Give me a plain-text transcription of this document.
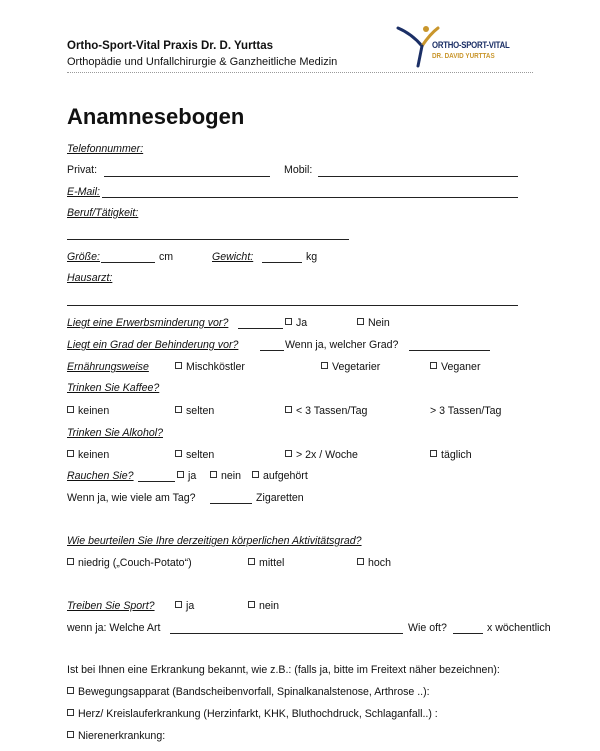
Ortho-Sport-Vital Praxis Dr. D. Yurttas
Orthopädie und Unfallchirurgie & Ganzheitliche Medizin
ORTHO-SPORT-VITAL
DR. DAVID YURTTAS
Anamnesebogen
Telefonnummer:
Privat:	Mobil:
E-Mail:
Beruf/Tätigkeit:
Größe:	cm	Gewicht:	kg
Hausarzt:
Liegt eine Erwerbsminderung vor?	Ja	Nein
Liegt ein Grad der Behinderung vor?	Wenn ja, welcher Grad?
Ernährungsweise	Mischköstler	Vegetarier	Veganer
Trinken Sie Kaffee?
keinen	selten	< 3 Tassen/Tag	> 3 Tassen/Tag
Trinken Sie Alkohol?
keinen	selten	> 2x / Woche	täglich
Rauchen Sie?	ja	nein	aufgehört
Wenn ja, wie viele am Tag?	Zigaretten
Wie beurteilen Sie Ihre derzeitigen körperlichen Aktivitätsgrad?
niedrig („Couch-Potato“)	mittel	hoch
Treiben Sie Sport?	ja	nein
wenn ja: Welche Art	Wie oft?	x wöchentlich
Ist bei Ihnen eine Erkrankung bekannt, wie z.B.: (falls ja, bitte im Freitext näher bezeichnen):
Bewegungsapparat (Bandscheibenvorfall, Spinalkanalstenose, Arthrose ..):
Herz/ Kreislauferkrankung (Herzinfarkt, KHK, Bluthochdruck, Schlaganfall..) :
Nierenerkrankung:
